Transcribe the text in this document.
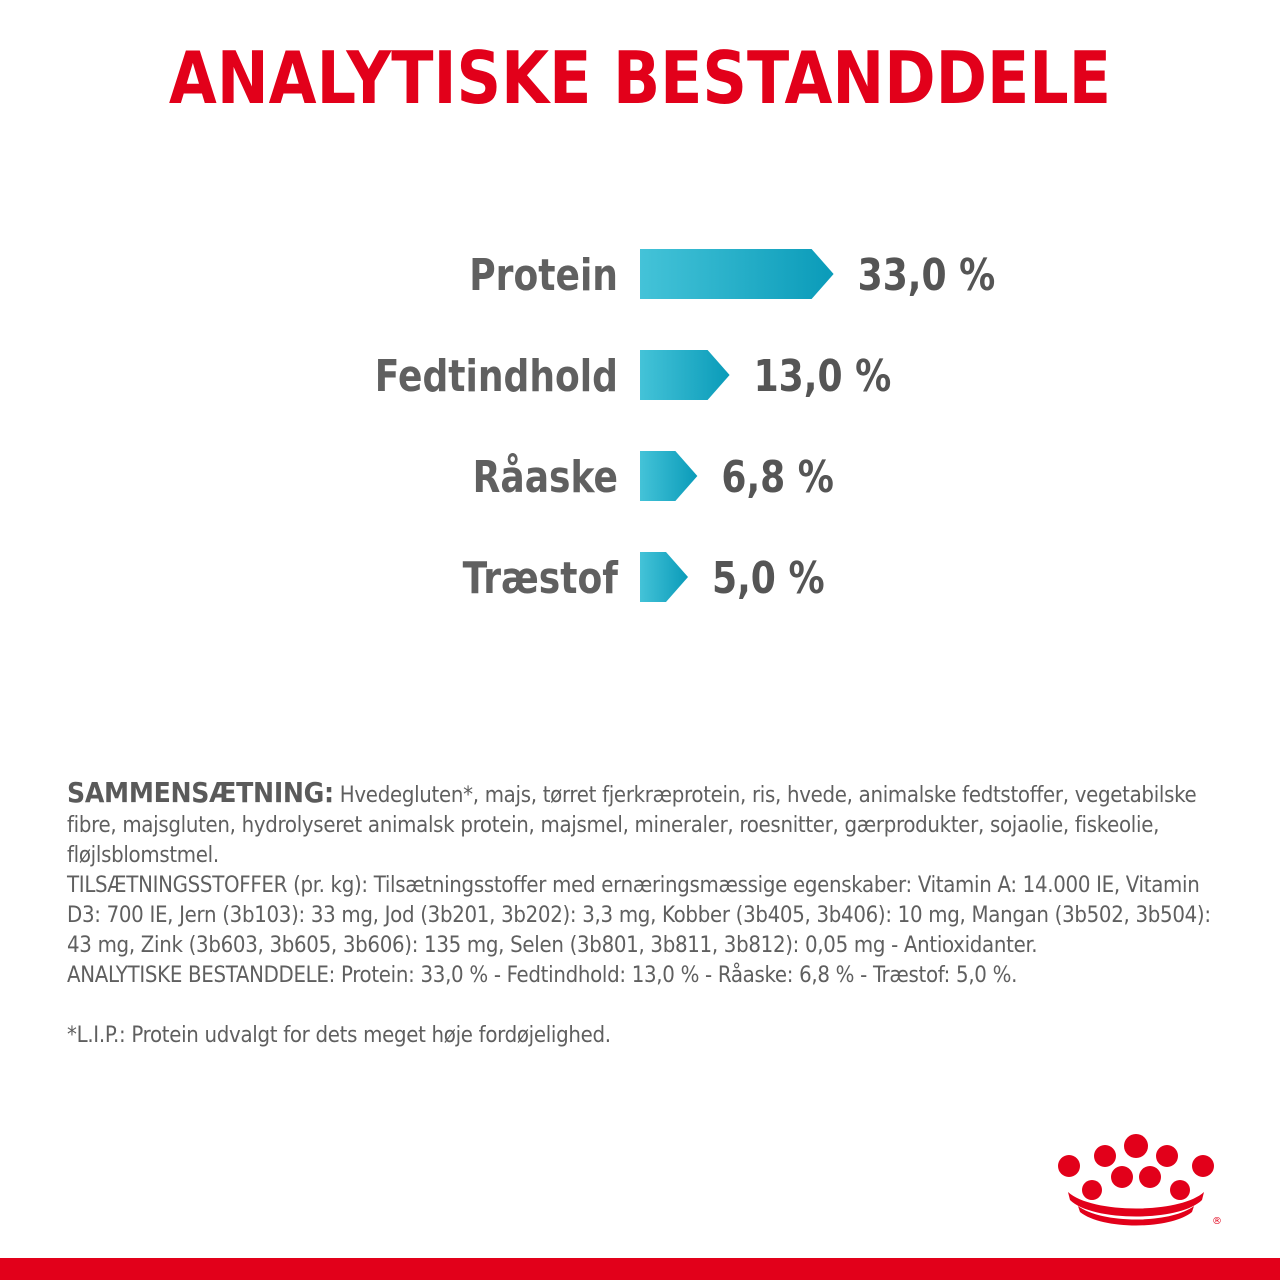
ANALYTISKE BESTANDDELE
Protein	33,0 %
Fedtindhold	13,0 %
Råaske 6,8 %
Træstof 5,0 %

SAMMENSÆTNING: Hvedegluten*, majs, tørret fjerkræprotein, ris, hvede, animalske fedtstoffer, vegetabilske fibre, majsgluten, hydrolyseret animalsk protein, majsmel, mineraler, roesnitter, gærprodukter, sojaolie, fiskeolie, fløjlsblomstmel.

TILSÆTNINGSSTOFFER (pr. kg): Tilsætningsstoffer med ernæringsmæssige egenskaber: Vitamin A: 14.000 IE, Vitamin D3: 700 IE, Jern (3b103): 33 mg, Jod (3b201, 3b202): 3,3 mg, Kobber (3b405, 3b406): 10 mg, Mangan (3b502, 3b504): 43 mg, Zink (3b603, 3b605, 3b606): 135 mg, Selen (3b801, 3b811, 3b812): 0,05 mg - Antioxidanter.

ANALYTISKE BESTANDDELE: Protein: 33,0 % - Fedtindhold: 13,0 % - Råaske: 6,8 % - Træstof: 5,0 %.

*L.I.P.: Protein udvalgt for dets meget høje fordøjelighed.

®
